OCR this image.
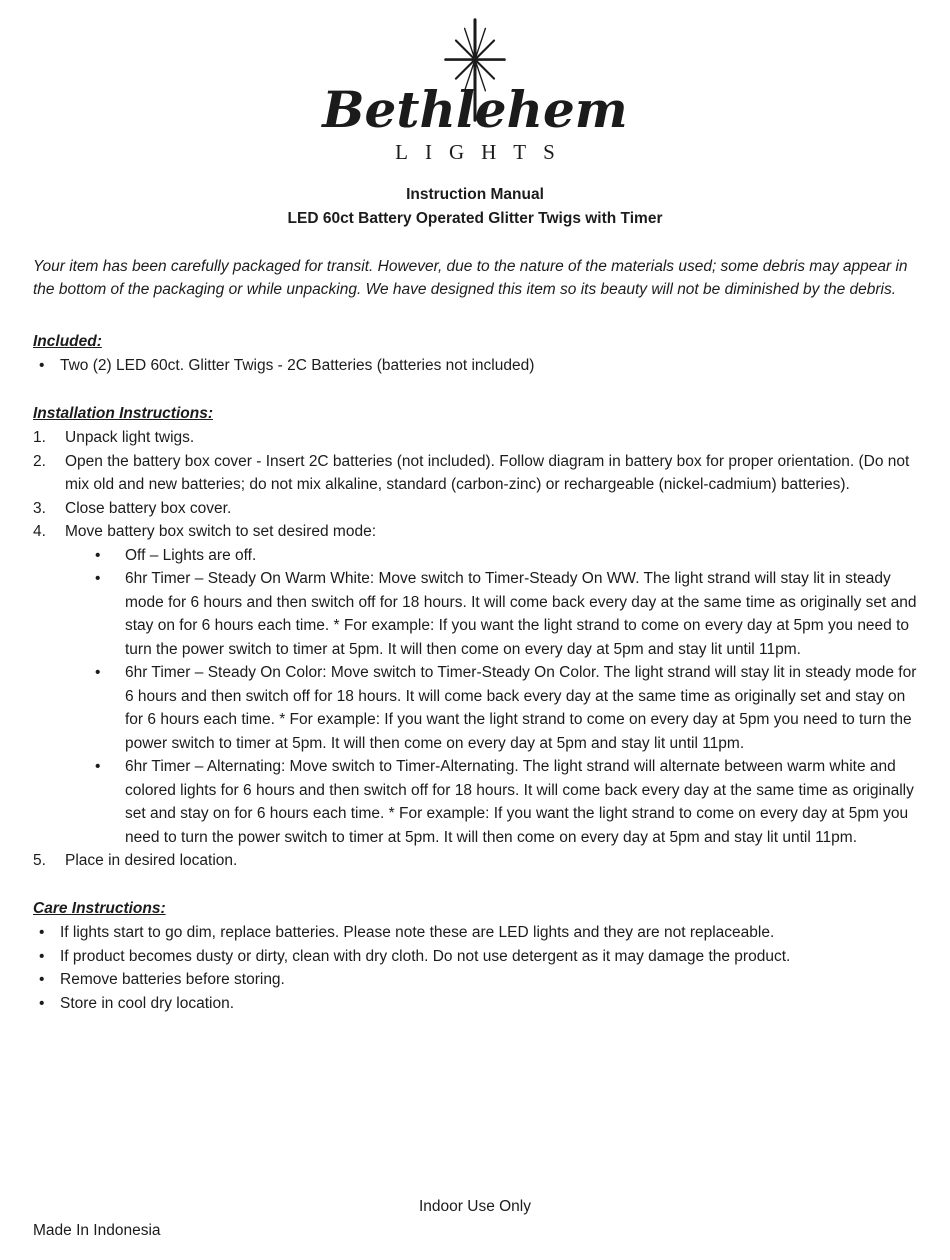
Bethlehem
LIGHTS
Instruction Manual
LED 60ct Battery Operated Glitter Twigs with Timer

Your item has been carefully packaged for transit. However, due to the nature of the materials used; some debris may appear in the bottom of the packaging or while unpacking. We have designed this item so its beauty will not be diminished by the debris.

Included:
•	Two (2) LED 60ct. Glitter Twigs - 2C Batteries (batteries not included)
Installation Instructions:
1.	Unpack light twigs.
2.	Open the battery box cover - Insert 2C batteries (not included). Follow diagram in battery box for proper orientation. (Do not mix old and new batteries; do not mix alkaline, standard (carbon-zinc) or rechargeable (nickel-cadmium) batteries).
3.	Close battery box cover.
4.	Move battery box switch to set desired mode:
•	Off – Lights are off.
•	6hr Timer – Steady On Warm White: Move switch to Timer-Steady On WW. The light strand will stay lit in steady mode for 6 hours and then switch off for 18 hours. It will come back every day at the same time as originally set and stay on for 6 hours each time. * For example: If you want the light strand to come on every day at 5pm you need to turn the power switch to timer at 5pm. It will then come on every day at 5pm and stay lit until 11pm.
•	6hr Timer – Steady On Color: Move switch to Timer-Steady On Color. The light strand will stay lit in steady mode for 6 hours and then switch off for 18 hours. It will come back every day at the same time as originally set and stay on for 6 hours each time. * For example: If you want the light strand to come on every day at 5pm you need to turn the power switch to timer at 5pm. It will then come on every day at 5pm and stay lit until 11pm.
•	6hr Timer – Alternating: Move switch to Timer-Alternating. The light strand will alternate between warm white and colored lights for 6 hours and then switch off for 18 hours. It will come back every day at the same time as originally set and stay on for 6 hours each time. * For example: If you want the light strand to come on every day at 5pm you need to turn the power switch to timer at 5pm. It will then come on every day at 5pm and stay lit until 11pm.
5.	Place in desired location.
Care Instructions:
•	If lights start to go dim, replace batteries. Please note these are LED lights and they are not replaceable.
•	If product becomes dusty or dirty, clean with dry cloth. Do not use detergent as it may damage the product.
•	Remove batteries before storing.
•	Store in cool dry location.
Indoor Use Only
Made In Indonesia
